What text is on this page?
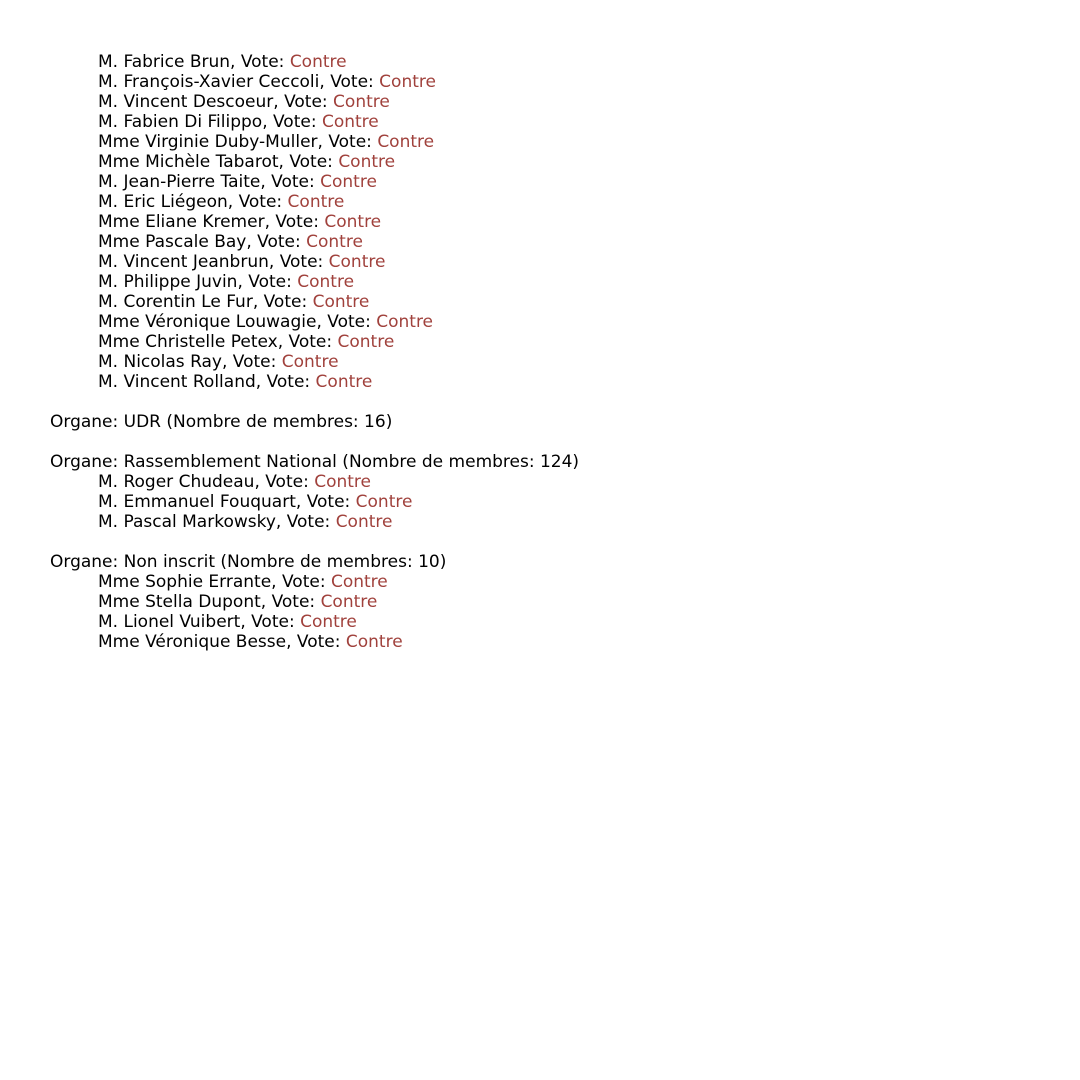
M. Fabrice Brun, Vote: Contre
M. François-Xavier Ceccoli, Vote: Contre
M. Vincent Descoeur, Vote: Contre
M. Fabien Di Filippo, Vote: Contre
Mme Virginie Duby-Muller, Vote: Contre
Mme Michèle Tabarot, Vote: Contre
M. Jean-Pierre Taite, Vote: Contre
M. Eric Liégeon, Vote: Contre
Mme Eliane Kremer, Vote: Contre
Mme Pascale Bay, Vote: Contre
M. Vincent Jeanbrun, Vote: Contre
M. Philippe Juvin, Vote: Contre
M. Corentin Le Fur, Vote: Contre
Mme Véronique Louwagie, Vote: Contre
Mme Christelle Petex, Vote: Contre
M. Nicolas Ray, Vote: Contre
M. Vincent Rolland, Vote: Contre
Organe: UDR (Nombre de membres: 16)
Organe: Rassemblement National (Nombre de membres: 124)
M. Roger Chudeau, Vote: Contre
M. Emmanuel Fouquart, Vote: Contre
M. Pascal Markowsky, Vote: Contre
Organe: Non inscrit (Nombre de membres: 10)
Mme Sophie Errante, Vote: Contre
Mme Stella Dupont, Vote: Contre
M. Lionel Vuibert, Vote: Contre
Mme Véronique Besse, Vote: Contre
